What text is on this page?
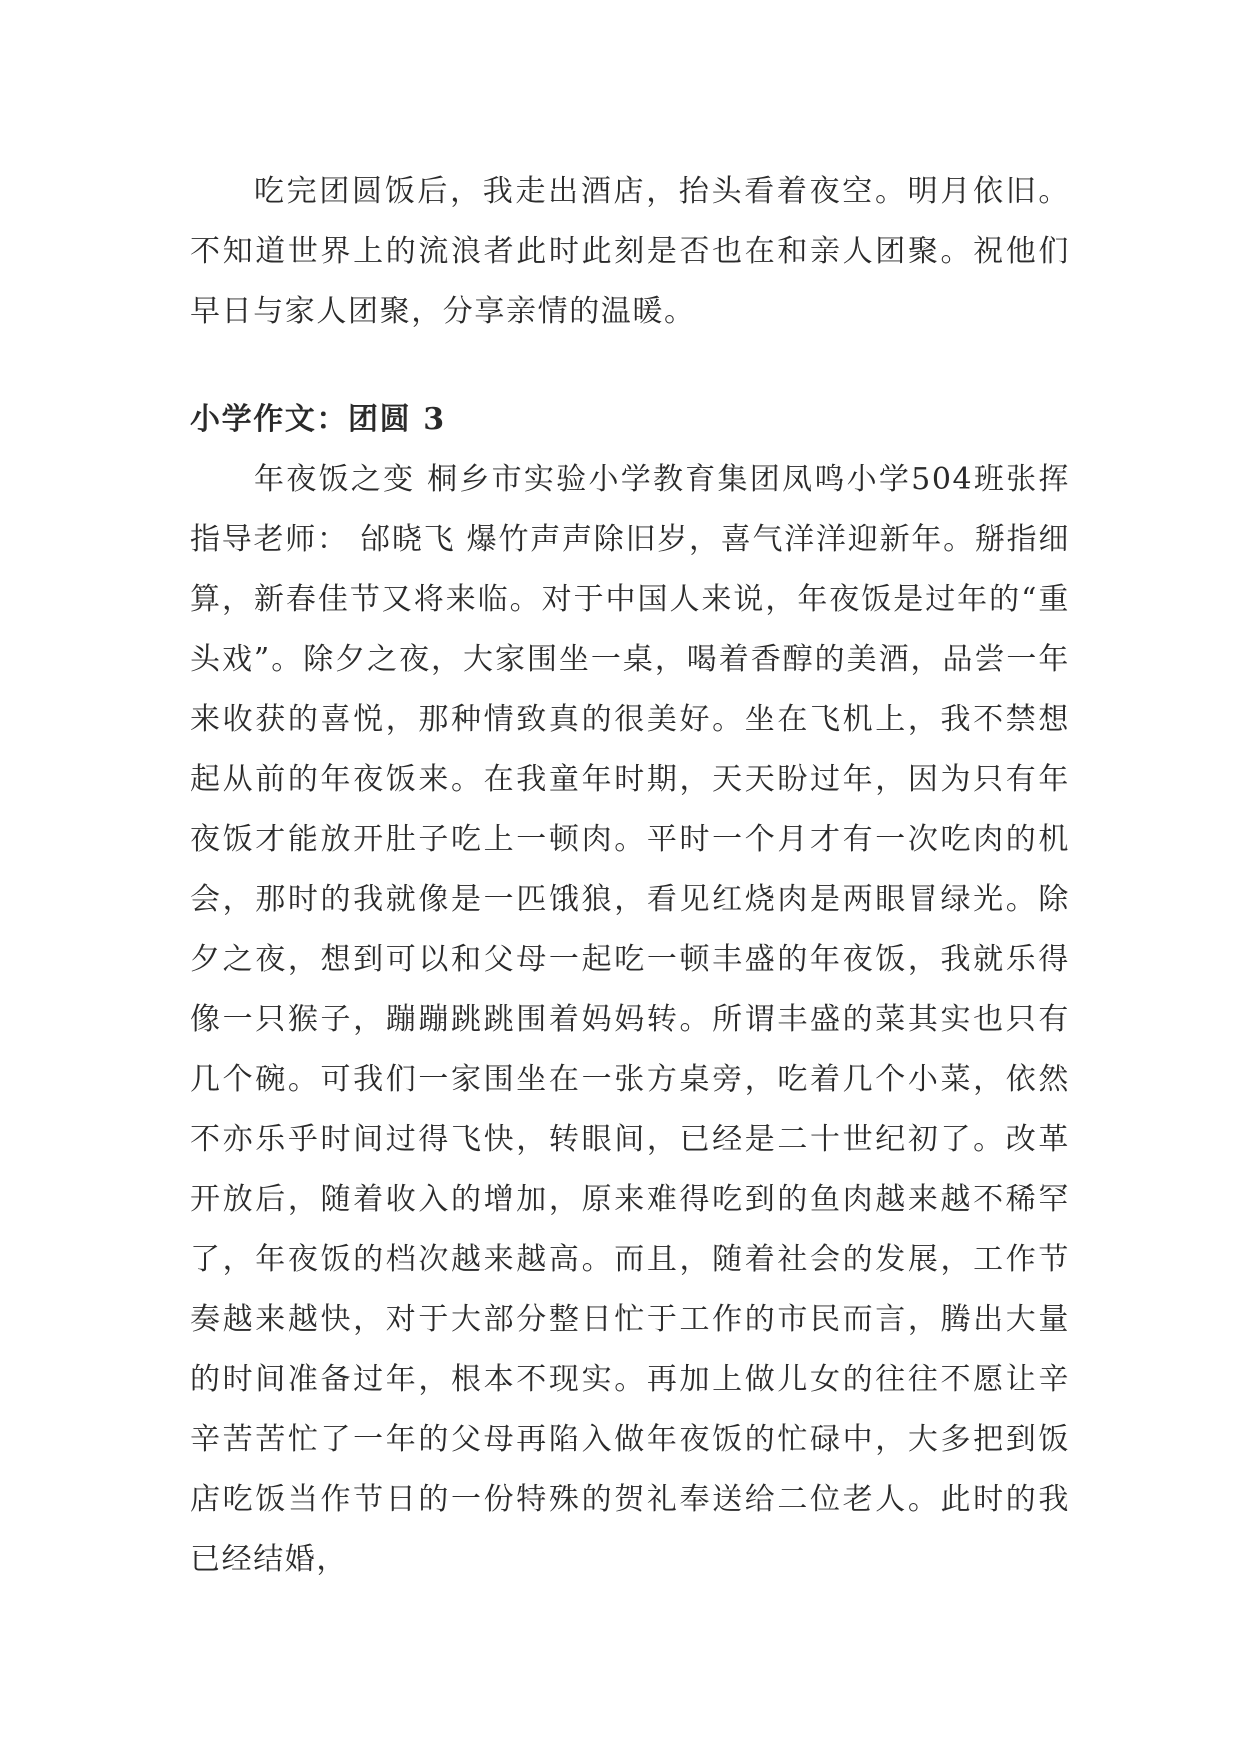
吃完团圆饭后，我走出酒店，抬头看着夜空。明月依旧。不知道世界上的流浪者此时此刻是否也在和亲人团聚。祝他们早日与家人团聚，分享亲情的温暖。

小学作文：团圆 3

年夜饭之变 桐乡市实验小学教育集团凤鸣小学504班张挥 指导老师： 邰晓飞 爆竹声声除旧岁，喜气洋洋迎新年。掰指细算，新春佳节又将来临。对于中国人来说，年夜饭是过年的“重头戏”。除夕之夜，大家围坐一桌，喝着香醇的美酒，品尝一年来收获的喜悦，那种情致真的很美好。坐在飞机上，我不禁想起从前的年夜饭来。在我童年时期，天天盼过年，因为只有年夜饭才能放开肚子吃上一顿肉。平时一个月才有一次吃肉的机会，那时的我就像是一匹饿狼，看见红烧肉是两眼冒绿光。除夕之夜，想到可以和父母一起吃一顿丰盛的年夜饭，我就乐得像一只猴子，蹦蹦跳跳围着妈妈转。所谓丰盛的菜其实也只有几个碗。可我们一家围坐在一张方桌旁，吃着几个小菜，依然不亦乐乎时间过得飞快，转眼间，已经是二十世纪初了。改革开放后，随着收入的增加，原来难得吃到的鱼肉越来越不稀罕了，年夜饭的档次越来越高。而且，随着社会的发展，工作节奏越来越快，对于大部分整日忙于工作的市民而言，腾出大量的时间准备过年，根本不现实。再加上做儿女的往往不愿让辛辛苦苦忙了一年的父母再陷入做年夜饭的忙碌中，大多把到饭店吃饭当作节日的一份特殊的贺礼奉送给二位老人。此时的我已经结婚，
